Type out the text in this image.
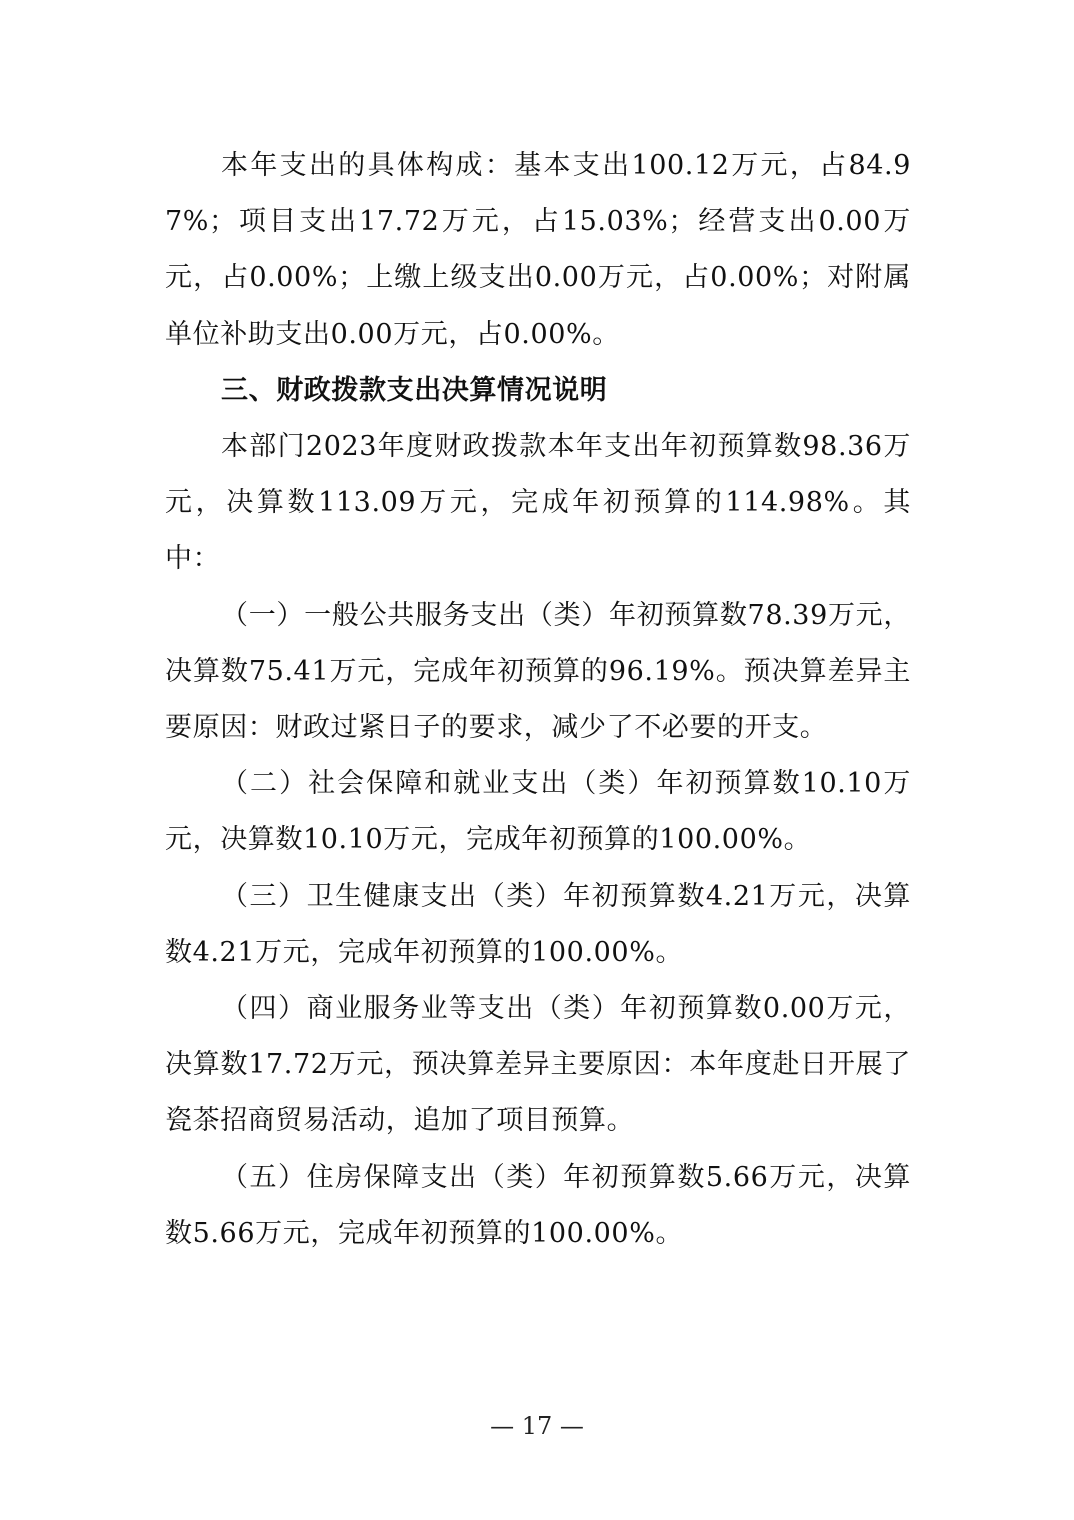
本年支出的具体构成：基本支出100.12万元，占84.97%；项目支出17.72万元，占15.03%；经营支出0.00万元，占0.00%；上缴上级支出0.00万元，占0.00%；对附属单位补助支出0.00万元，占0.00%。

三、财政拨款支出决算情况说明

本部门2023年度财政拨款本年支出年初预算数98.36万元，决算数113.09万元，完成年初预算的114.98%。其中：

（一）一般公共服务支出（类）年初预算数78.39万元，决算数75.41万元，完成年初预算的96.19%。预决算差异主要原因：财政过紧日子的要求，减少了不必要的开支。

（二）社会保障和就业支出（类）年初预算数10.10万元，决算数10.10万元，完成年初预算的100.00%。

（三）卫生健康支出（类）年初预算数4.21万元，决算数4.21万元，完成年初预算的100.00%。

（四）商业服务业等支出（类）年初预算数0.00万元，决算数17.72万元，预决算差异主要原因：本年度赴日开展了瓷茶招商贸易活动，追加了项目预算。

（五）住房保障支出（类）年初预算数5.66万元，决算数5.66万元，完成年初预算的100.00%。

— 17 —
